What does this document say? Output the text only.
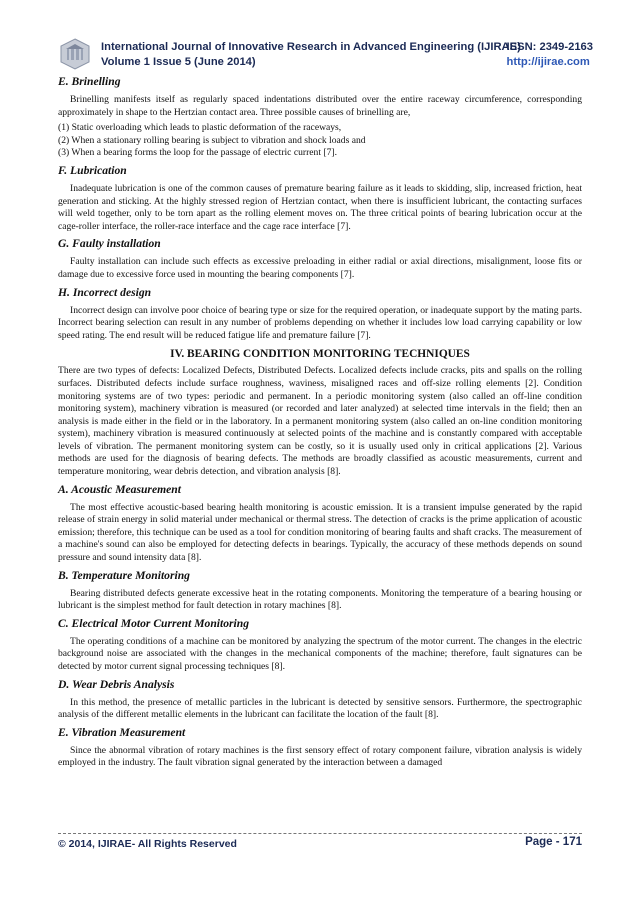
International Journal of Innovative Research in Advanced Engineering (IJIRAE)
Volume 1 Issue 5 (June 2014)
ISSN: 2349-2163
http://ijirae.com
E. Brinelling

Brinelling manifests itself as regularly spaced indentations distributed over the entire raceway circumference, corresponding approximately in shape to the Hertzian contact area. Three possible causes of brinelling are,

(1) Static overloading which leads to plastic deformation of the raceways,
(2) When a stationary rolling bearing is subject to vibration and shock loads and
(3) When a bearing forms the loop for the passage of electric current [7].
F. Lubrication

Inadequate lubrication is one of the common causes of premature bearing failure as it leads to skidding, slip, increased friction, heat generation and sticking. At the highly stressed region of Hertzian contact, when there is insufficient lubricant, the contacting surfaces will weld together, only to be torn apart as the rolling element moves on. The three critical points of bearing lubrication occur at the cage-roller interface, the roller-race interface and the cage race interface [7].

G. Faulty installation

Faulty installation can include such effects as excessive preloading in either radial or axial directions, misalignment, loose fits or damage due to excessive force used in mounting the bearing components [7].

H. Incorrect design

Incorrect design can involve poor choice of bearing type or size for the required operation, or inadequate support by the mating parts. Incorrect bearing selection can result in any number of problems depending on whether it includes low load carrying capability or low speed rating. The end result will be reduced fatigue life and premature failure [7].

IV. BEARING CONDITION MONITORING TECHNIQUES

There are two types of defects: Localized Defects, Distributed Defects. Localized defects include cracks, pits and spalls on the rolling surfaces. Distributed defects include surface roughness, waviness, misaligned races and off-size rolling elements [2]. Condition monitoring systems are of two types: periodic and permanent. In a periodic monitoring system (also called an off-line condition monitoring system), machinery vibration is measured (or recorded and later analyzed) at selected time intervals in the field; then an analysis is made either in the field or in the laboratory. In a permanent monitoring system (also called an on-line condition monitoring system), machinery vibration is measured continuously at selected points of the machine and is constantly compared with acceptable levels of vibration. The permanent monitoring system can be costly, so it is usually used only in critical applications [2]. Various methods are used for the diagnosis of bearing defects. The methods are broadly classified as acoustic measurements, current and temperature monitoring, wear debris detection, and vibration analysis [8].

A. Acoustic Measurement

The most effective acoustic-based bearing health monitoring is acoustic emission. It is a transient impulse generated by the rapid release of strain energy in solid material under mechanical or thermal stress. The detection of cracks is the prime application of acoustic emission; therefore, this technique can be used as a tool for condition monitoring of bearing faults and shaft cracks. The measurement of a machine's sound can also be employed for detecting defects in bearings. Typically, the accuracy of these methods depends on sound pressure and sound intensity data [8].

B. Temperature Monitoring

Bearing distributed defects generate excessive heat in the rotating components. Monitoring the temperature of a bearing housing or lubricant is the simplest method for fault detection in rotary machines [8].

C. Electrical Motor Current Monitoring

The operating conditions of a machine can be monitored by analyzing the spectrum of the motor current. The changes in the electric background noise are associated with the changes in the mechanical components of the machine; therefore, fault signatures can be detected by motor current signal processing techniques [8].

D. Wear Debris Analysis

In this method, the presence of metallic particles in the lubricant is detected by sensitive sensors. Furthermore, the spectrographic analysis of the different metallic elements in the lubricant can facilitate the location of the fault [8].

E. Vibration Measurement

Since the abnormal vibration of rotary machines is the first sensory effect of rotary component failure, vibration analysis is widely employed in the industry. The fault vibration signal generated by the interaction between a damaged

© 2014, IJIRAE- All Rights Reserved	Page - 171
